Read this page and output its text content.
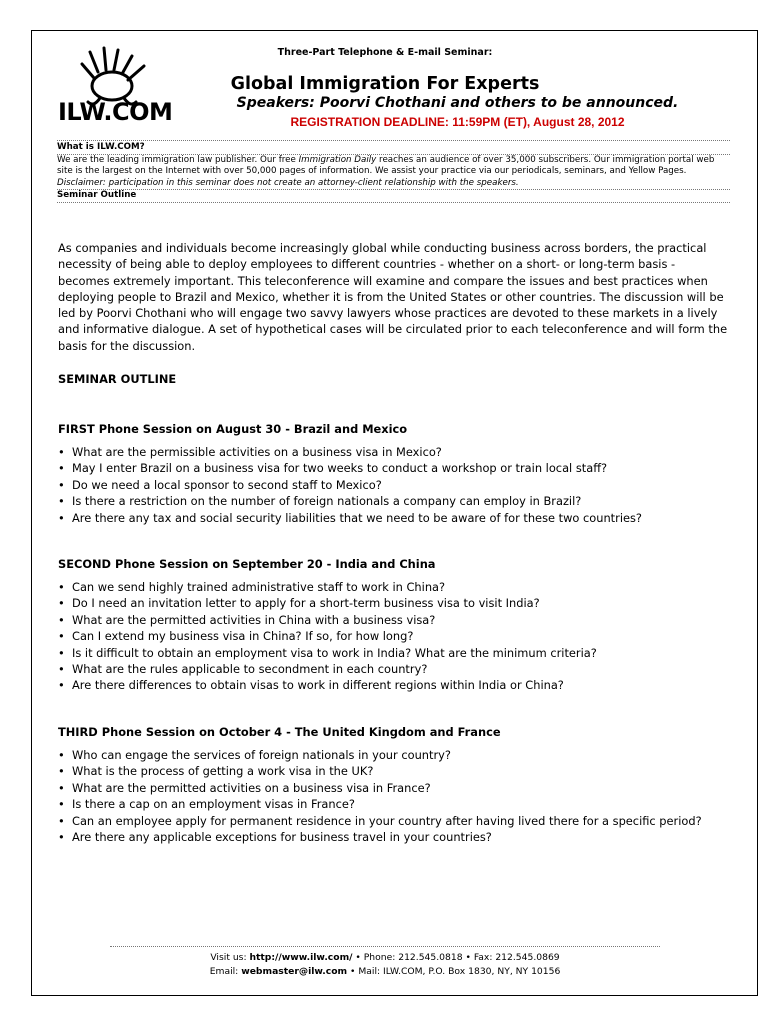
ILW.COM
Three-Part Telephone & E-mail Seminar:
Global Immigration For Experts
Speakers: Poorvi Chothani and others to be announced.
REGISTRATION DEADLINE: 11:59PM (ET), August 28, 2012
What is ILW.COM?
We are the leading immigration law publisher. Our free Immigration Daily reaches an audience of over 35,000 subscribers. Our immigration portal web site is the largest on the Internet with over 50,000 pages of information. We assist your practice via our periodicals, seminars, and Yellow Pages. Disclaimer: participation in this seminar does not create an attorney-client relationship with the speakers.
Seminar Outline
As companies and individuals become increasingly global while conducting business across borders, the practical necessity of being able to deploy employees to different countries - whether on a short- or long-term basis - becomes extremely important. This teleconference will examine and compare the issues and best practices when deploying people to Brazil and Mexico, whether it is from the United States or other countries. The discussion will be led by Poorvi Chothani who will engage two savvy lawyers whose practices are devoted to these markets in a lively and informative dialogue. A set of hypothetical cases will be circulated prior to each teleconference and will form the basis for the discussion.
SEMINAR OUTLINE
FIRST Phone Session on August 30 - Brazil and Mexico
• What are the permissible activities on a business visa in Mexico?
• May I enter Brazil on a business visa for two weeks to conduct a workshop or train local staff?
• Do we need a local sponsor to second staff to Mexico?
• Is there a restriction on the number of foreign nationals a company can employ in Brazil?
• Are there any tax and social security liabilities that we need to be aware of for these two countries?
SECOND Phone Session on September 20 - India and China
• Can we send highly trained administrative staff to work in China?
• Do I need an invitation letter to apply for a short-term business visa to visit India?
• What are the permitted activities in China with a business visa?
• Can I extend my business visa in China? If so, for how long?
• Is it difficult to obtain an employment visa to work in India? What are the minimum criteria?
• What are the rules applicable to secondment in each country?
• Are there differences to obtain visas to work in different regions within India or China?
THIRD Phone Session on October 4 - The United Kingdom and France
• Who can engage the services of foreign nationals in your country?
• What is the process of getting a work visa in the UK?
• What are the permitted activities on a business visa in France?
• Is there a cap on an employment visas in France?
• Can an employee apply for permanent residence in your country after having lived there for a specific period?
• Are there any applicable exceptions for business travel in your countries?
Visit us: http://www.ilw.com/ • Phone: 212.545.0818 • Fax: 212.545.0869
Email: webmaster@ilw.com • Mail: ILW.COM, P.O. Box 1830, NY, NY 10156
